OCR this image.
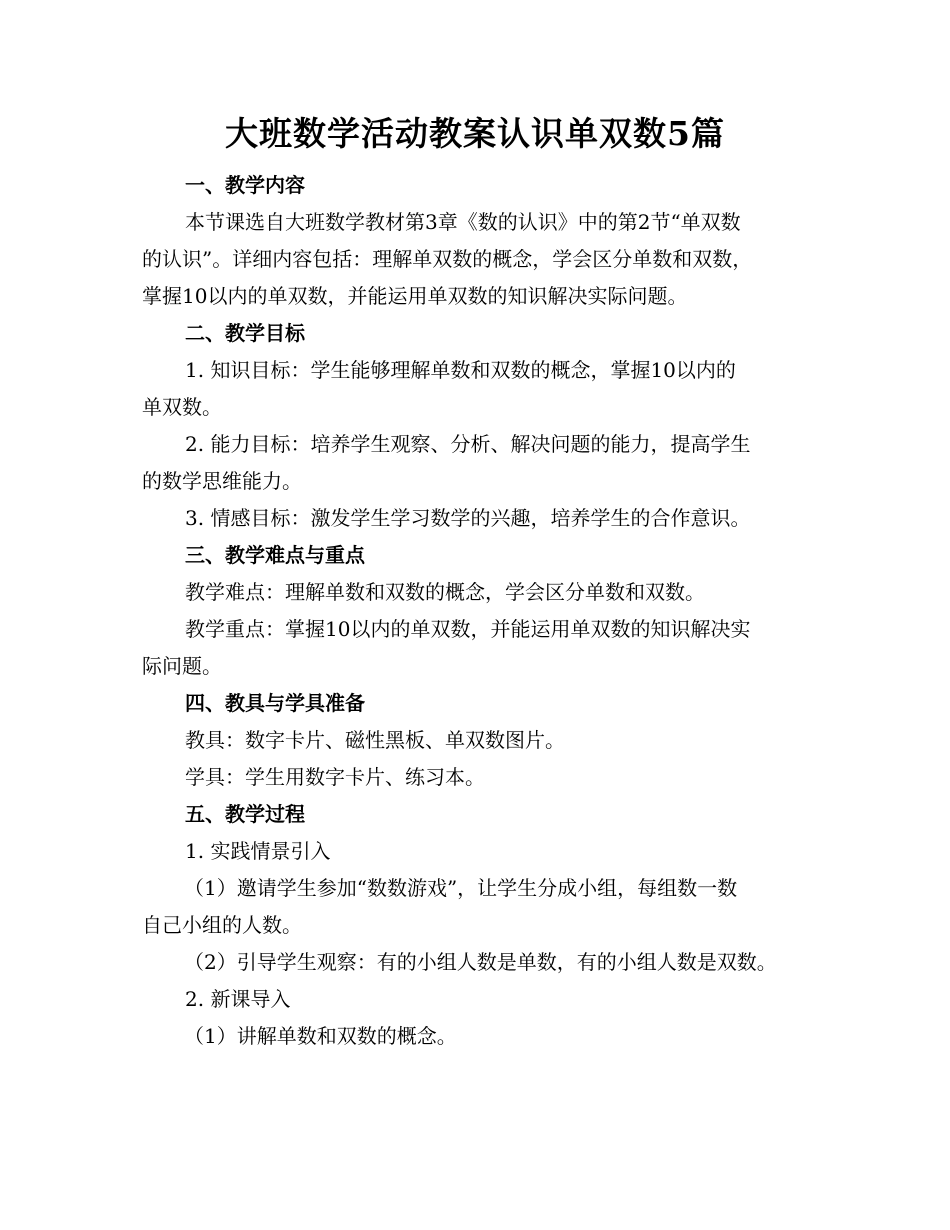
大班数学活动教案认识单双数5篇
一、教学内容
本节课选自大班数学教材第3章《数的认识》中的第2节“单双数
的认识”。详细内容包括：理解单双数的概念，学会区分单数和双数，
掌握10以内的单双数，并能运用单双数的知识解决实际问题。
二、教学目标
1. 知识目标：学生能够理解单数和双数的概念，掌握10以内的
单双数。
2. 能力目标：培养学生观察、分析、解决问题的能力，提高学生
的数学思维能力。
3. 情感目标：激发学生学习数学的兴趣，培养学生的合作意识。
三、教学难点与重点
教学难点：理解单数和双数的概念，学会区分单数和双数。
教学重点：掌握10以内的单双数，并能运用单双数的知识解决实
际问题。
四、教具与学具准备
教具：数字卡片、磁性黑板、单双数图片。
学具：学生用数字卡片、练习本。
五、教学过程
1. 实践情景引入
（1）邀请学生参加“数数游戏”，让学生分成小组，每组数一数
自己小组的人数。
（2）引导学生观察：有的小组人数是单数，有的小组人数是双数。
2. 新课导入
（1）讲解单数和双数的概念。
